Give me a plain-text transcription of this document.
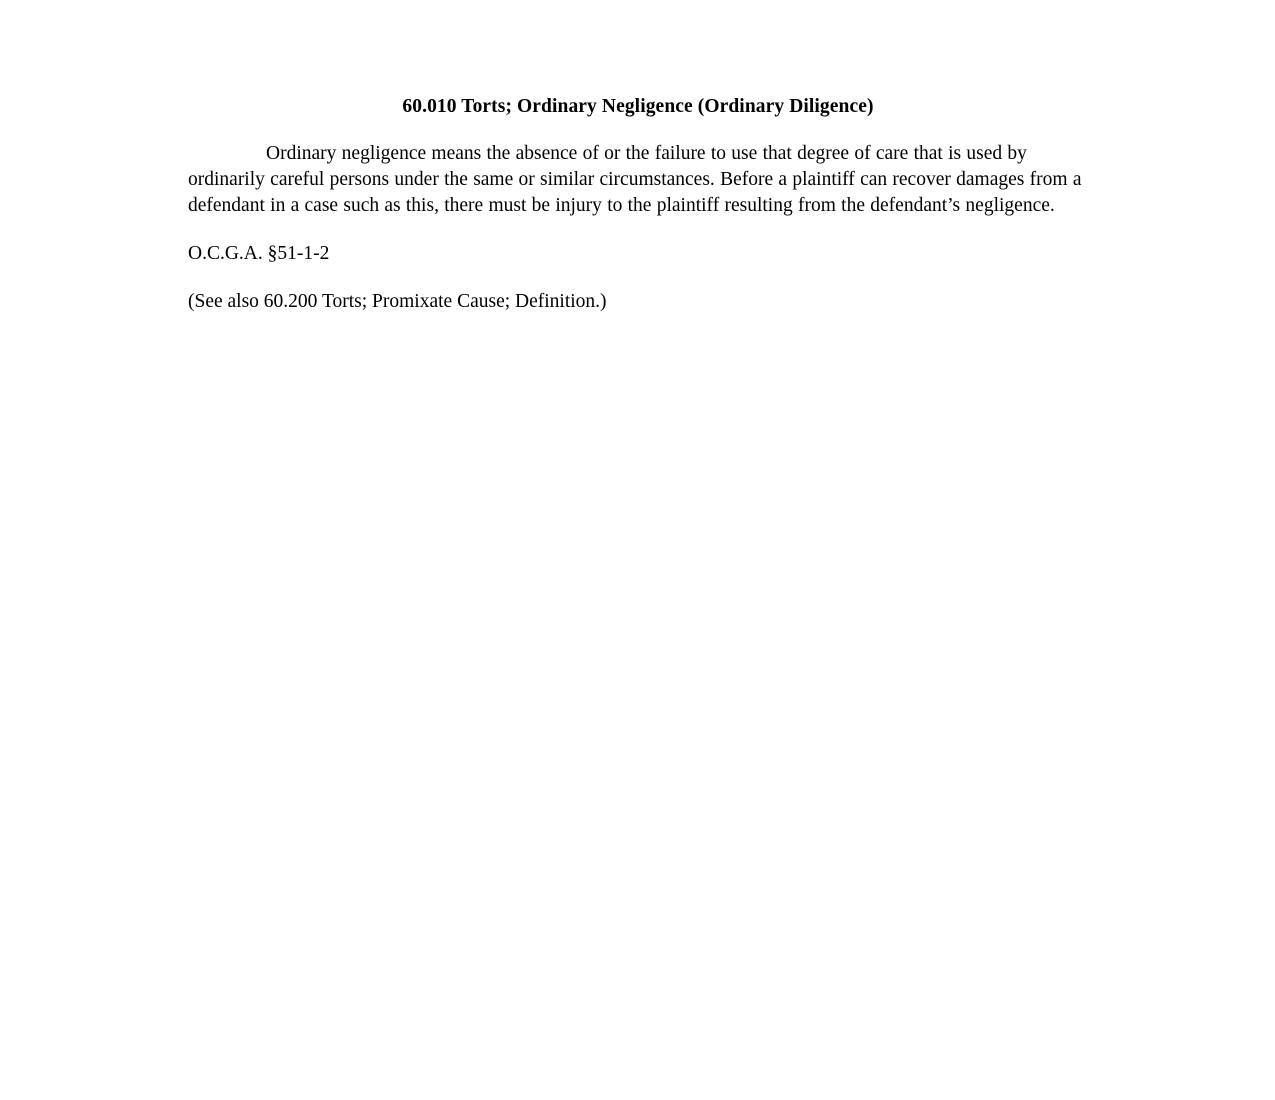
60.010 Torts; Ordinary Negligence (Ordinary Diligence)

Ordinary negligence means the absence of or the failure to use that degree of care that is used by ordinarily careful persons under the same or similar circumstances. Before a plaintiff can recover damages from a defendant in a case such as this, there must be injury to the plaintiff resulting from the defendant’s negligence.

O.C.G.A. §51-1-2

(See also 60.200 Torts; Promixate Cause; Definition.)
